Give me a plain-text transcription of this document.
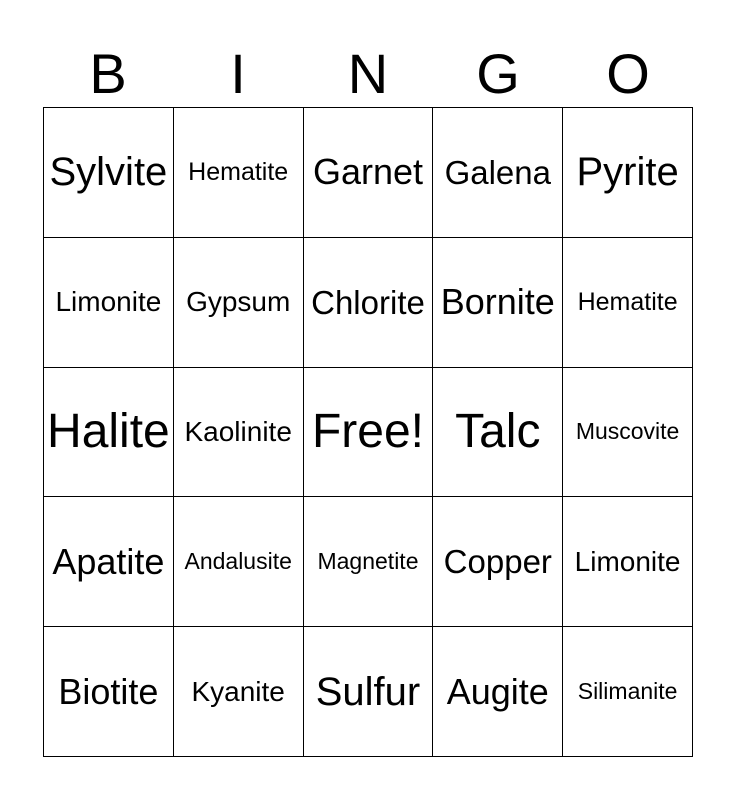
B	I	N	G	O
Sylvite Hematite Garnet Galena Pyrite
Limonite Gypsum Chlorite Bornite Hematite
Halite Kaolinite Free! Talc Muscovite
Apatite Andalusite Magnetite Copper Limonite
Biotite Kyanite Sulfur Augite Silimanite
